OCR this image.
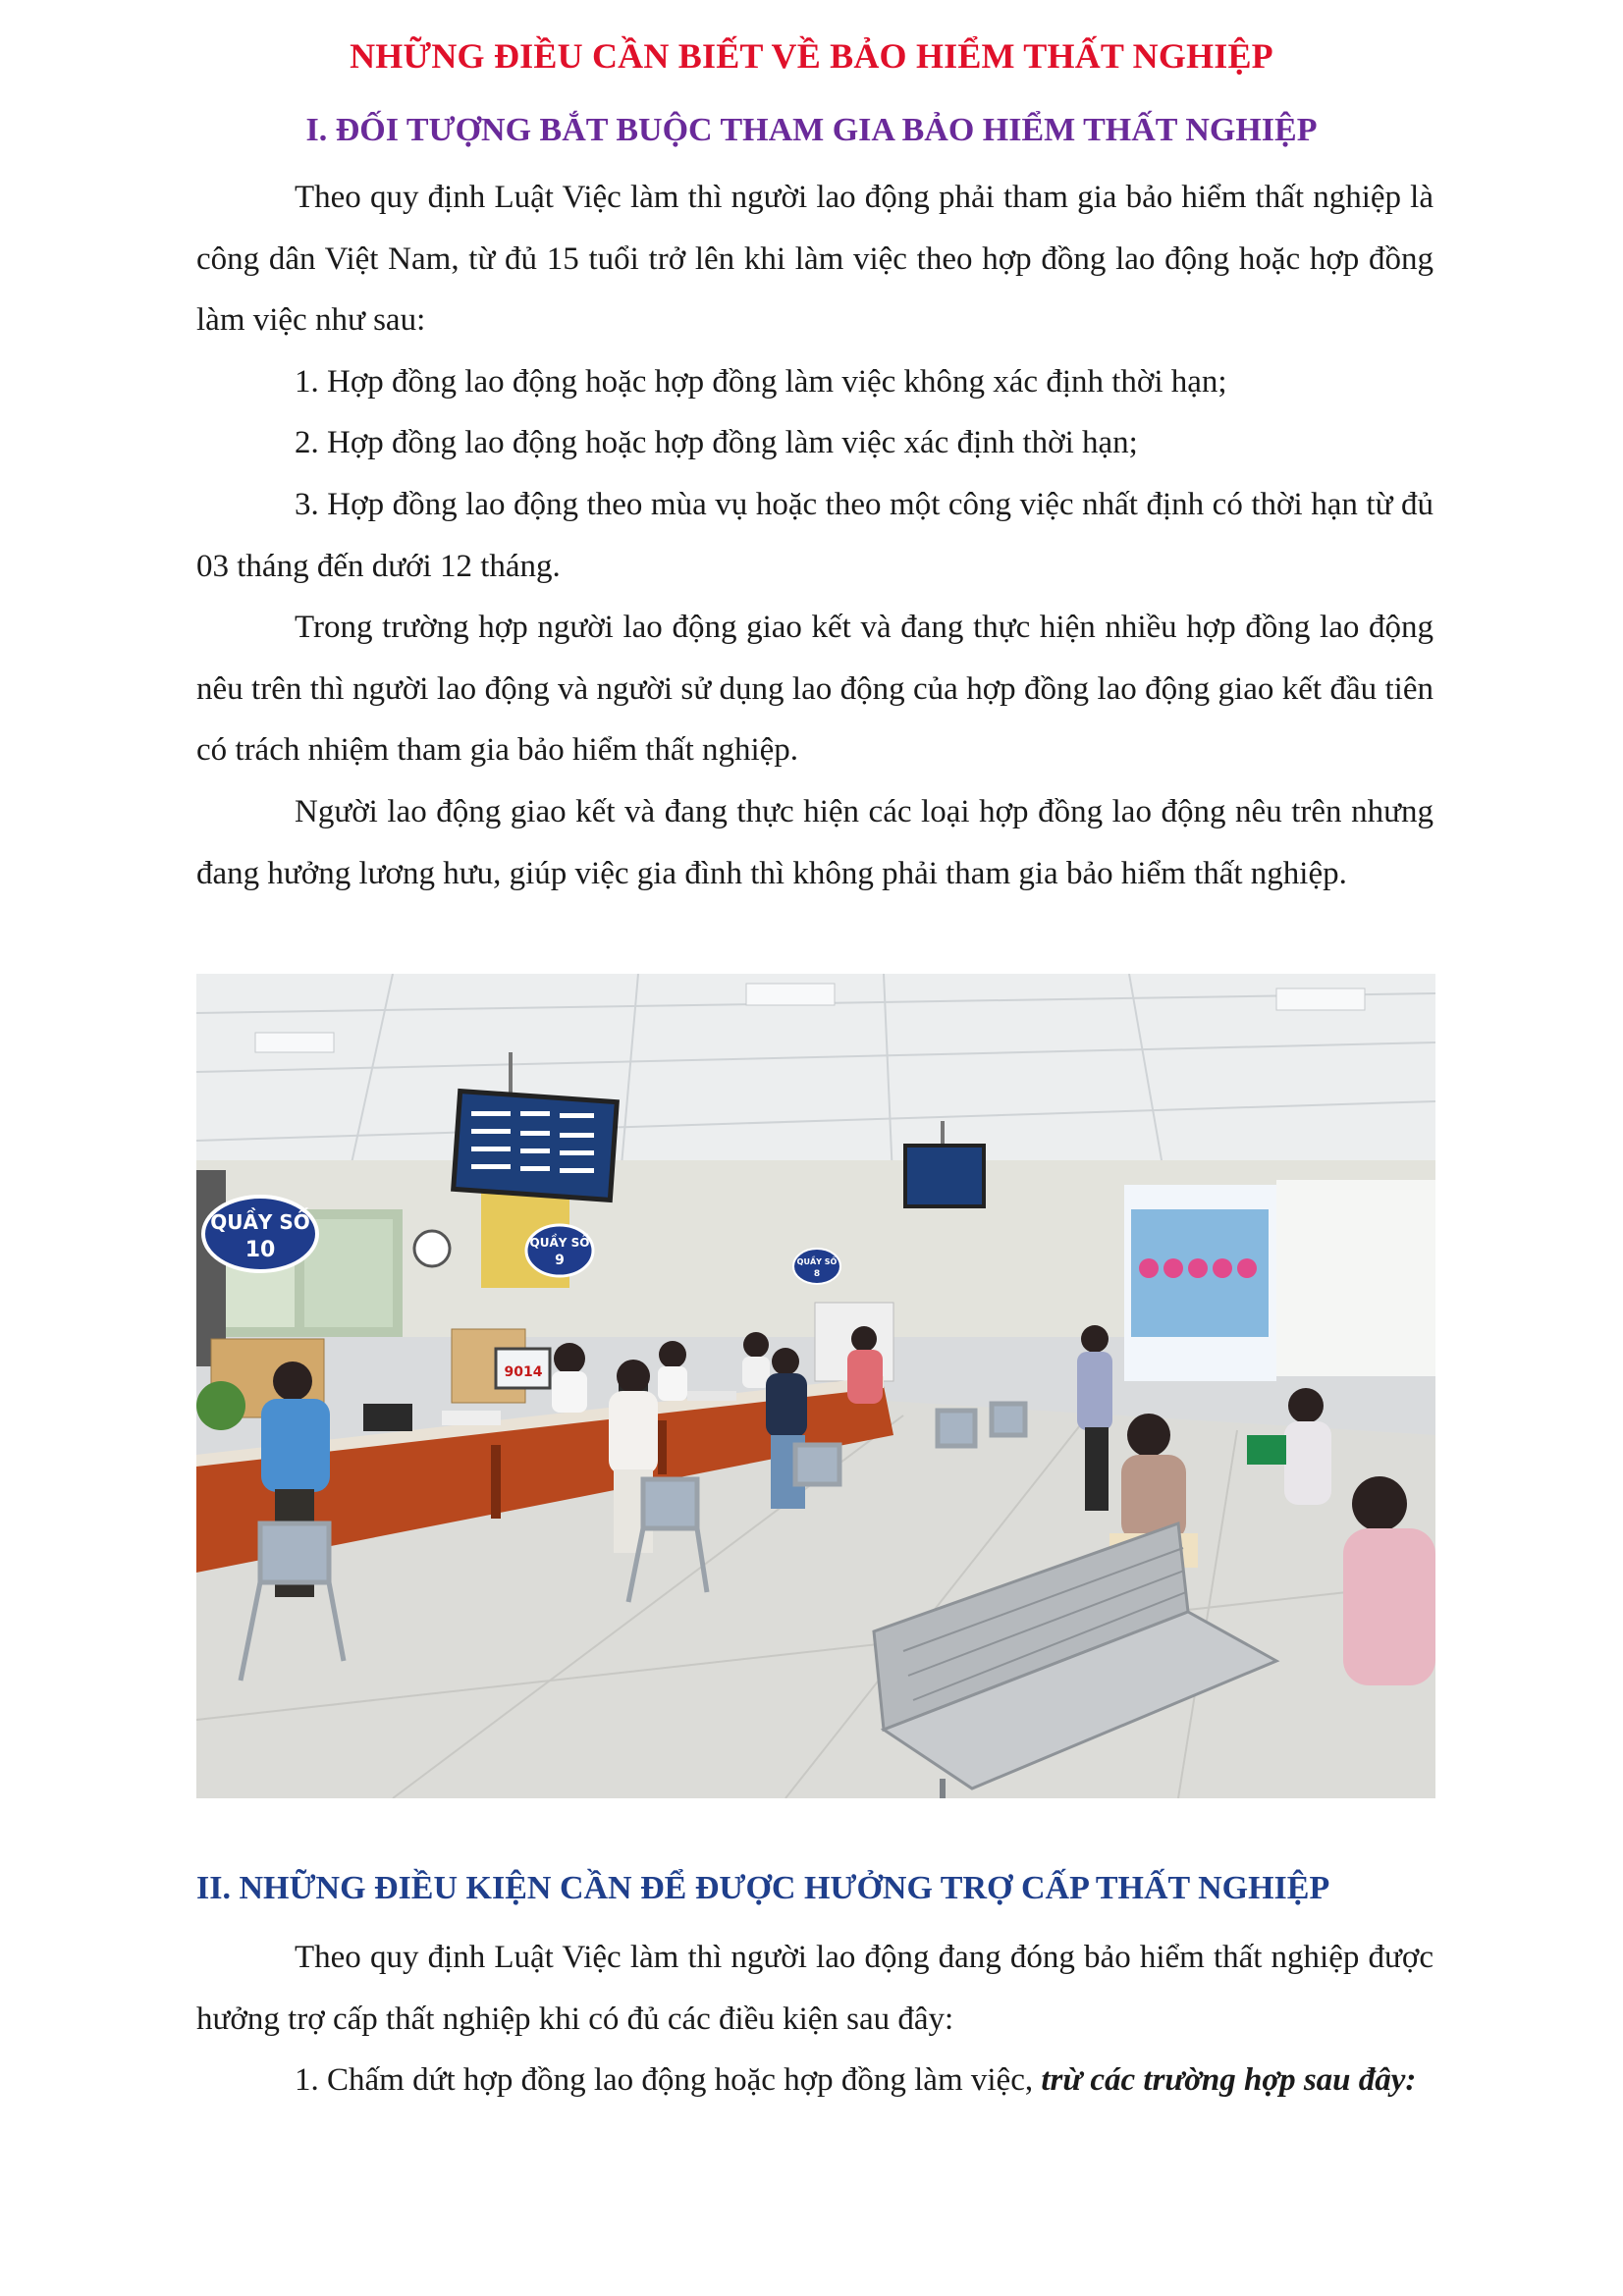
NHỮNG ĐIỀU CẦN BIẾT VỀ BẢO HIỂM THẤT NGHIỆP
I. ĐỐI TƯỢNG BẮT BUỘC THAM GIA BẢO HIỂM THẤT NGHIỆP

Theo quy định Luật Việc làm thì người lao động phải tham gia bảo hiểm thất nghiệp là công dân Việt Nam, từ đủ 15 tuổi trở lên khi làm việc theo hợp đồng lao động hoặc hợp đồng làm việc như sau:

1. Hợp đồng lao động hoặc hợp đồng làm việc không xác định thời hạn;

2. Hợp đồng lao động hoặc hợp đồng làm việc xác định thời hạn;

3. Hợp đồng lao động theo mùa vụ hoặc theo một công việc nhất định có thời hạn từ đủ 03 tháng đến dưới 12 tháng.

Trong trường hợp người lao động giao kết và đang thực hiện nhiều hợp đồng lao động nêu trên thì người lao động và người sử dụng lao động của hợp đồng lao động giao kết đầu tiên có trách nhiệm tham gia bảo hiểm thất nghiệp.

Người lao động giao kết và đang thực hiện các loại hợp đồng lao động nêu trên nhưng đang hưởng lương hưu, giúp việc gia đình thì không phải tham gia bảo hiểm thất nghiệp.

QUẦY SỐ
10	QUẦY SỐ
9	QUẦY SỐ
8
9014
II. NHỮNG ĐIỀU KIỆN CẦN ĐỂ ĐƯỢC HƯỞNG TRỢ CẤP THẤT NGHIỆP

Theo quy định Luật Việc làm thì người lao động đang đóng bảo hiểm thất nghiệp được hưởng trợ cấp thất nghiệp khi có đủ các điều kiện sau đây:

1. Chấm dứt hợp đồng lao động hoặc hợp đồng làm việc, trừ các trường hợp sau đây:
